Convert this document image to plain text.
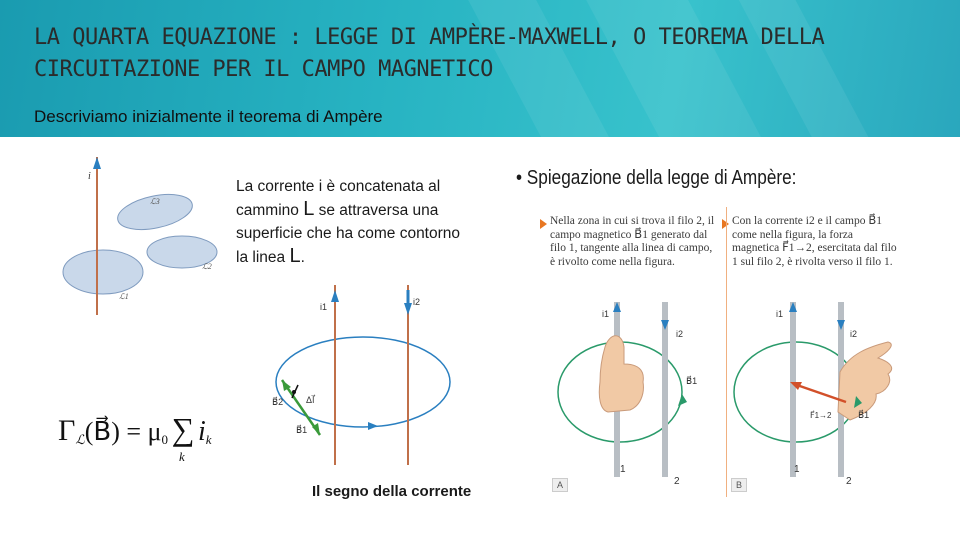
LA QUARTA EQUAZIONE : LEGGE DI AMPÈRE-MAXWELL, O TEOREMA DELLA CIRCUITAZIONE PER IL CAMPO MAGNETICO
Descriviamo inizialmente il teorema di Ampère
i
ℒ3
ℒ2
ℒ1
La corrente i è concatenata al
cammino L se attraversa una
superficie che ha come contorno
la linea L.
$\Gamma_ℒ(B⃗) = \mu_0$ ∑
k
$i_k$
i1	i2
B⃗2	Δl⃗
B⃗1
Il segno della corrente
• Spiegazione della legge di Ampère:
Nella zona in cui si trova il filo 2, il campo magnetico B⃗1 generato dal filo 1, tangente alla linea di campo, è rivolto come nella figura.
Con la corrente i2 e il campo B⃗1 come nella figura, la forza magnetica F⃗1→2, esercitata dal filo 1 sul filo 2, è rivolta verso il filo 1.
i1
i2
B⃗1
1
2
A
i1
i2
F⃗1→2	B⃗1
1
2
B
